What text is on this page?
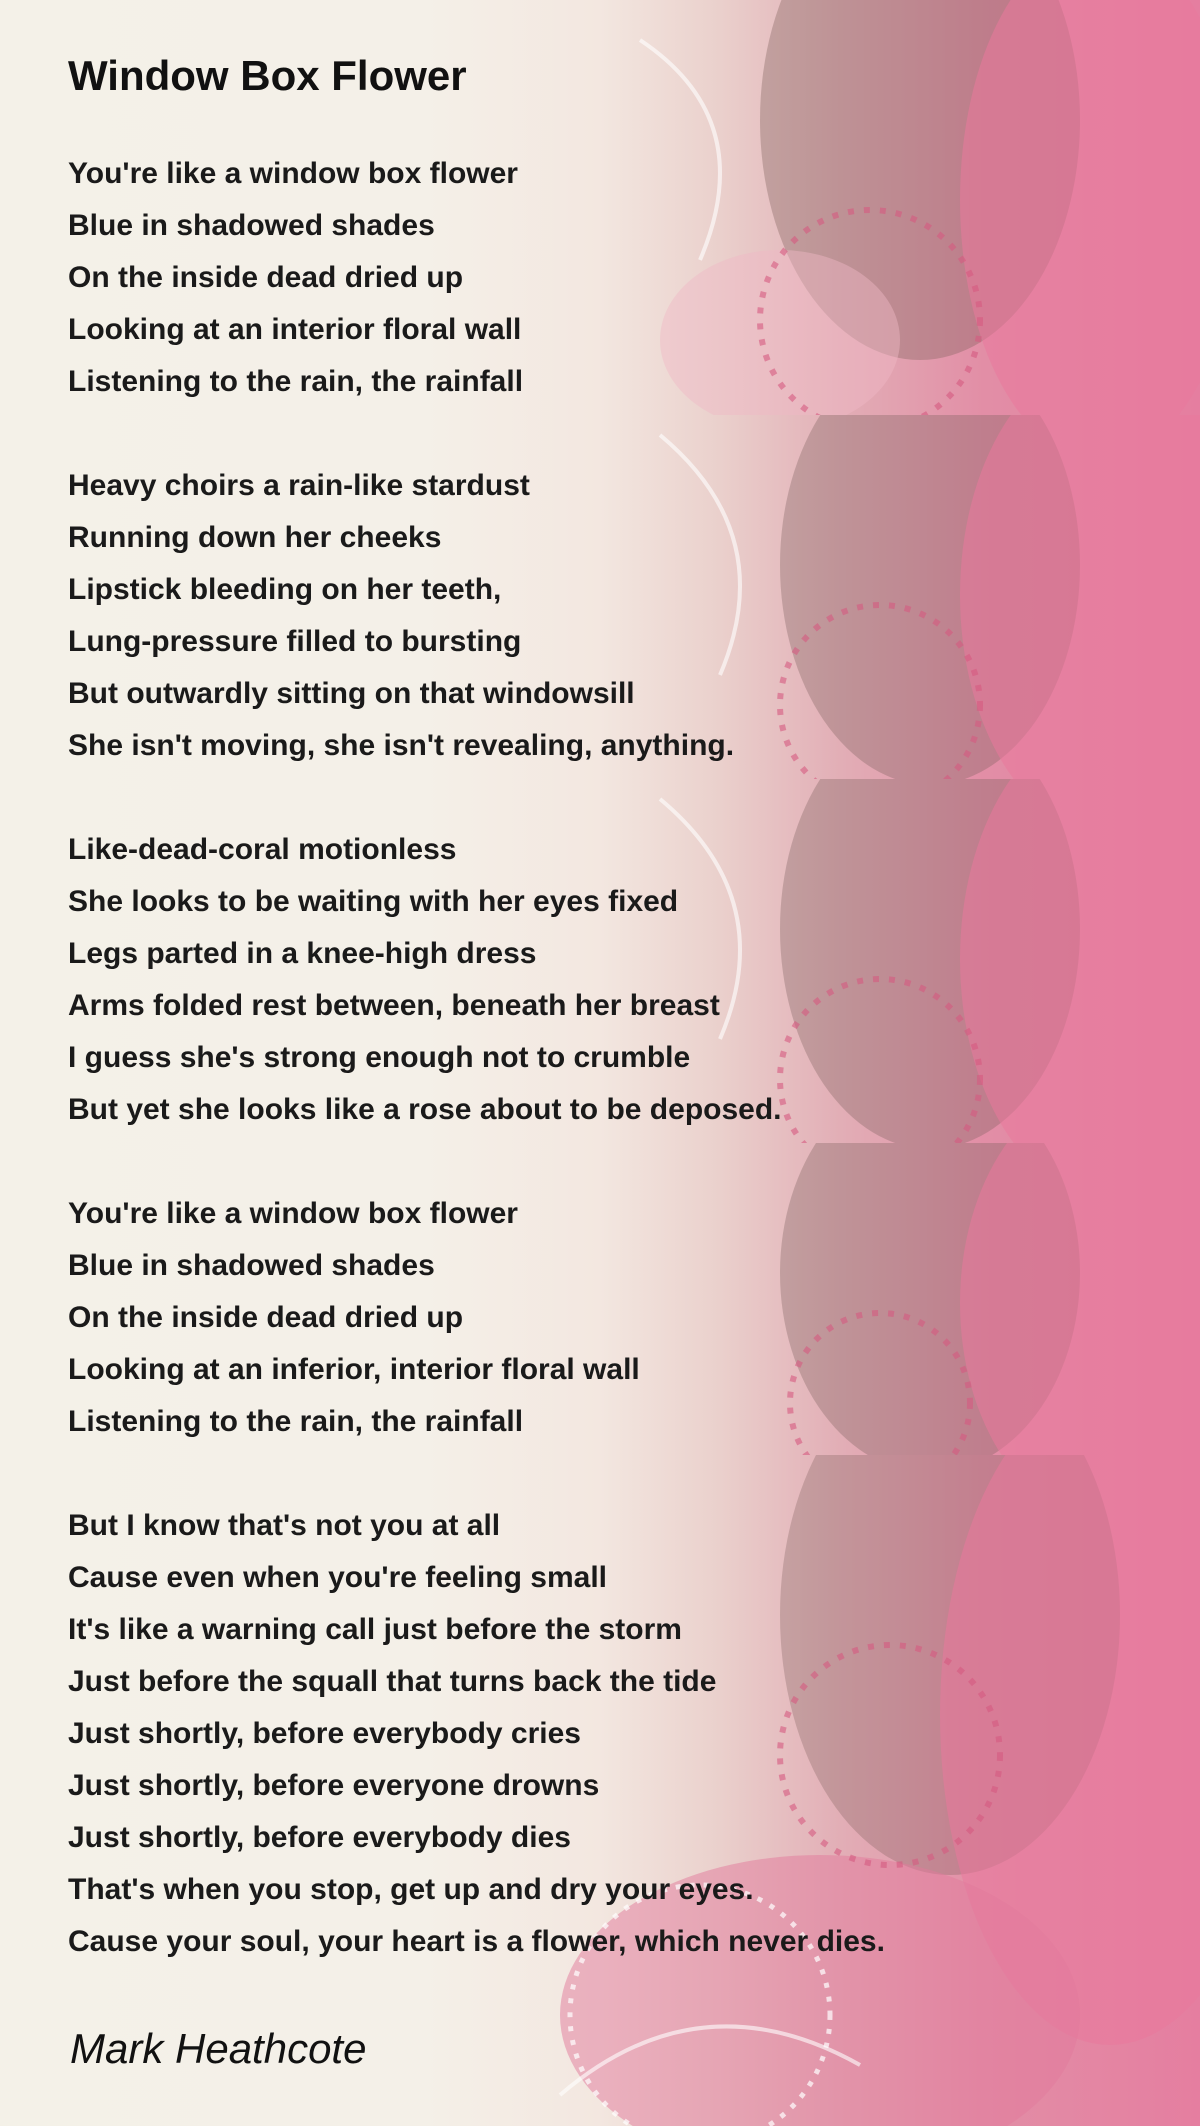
Window Box Flower
You're like a window box flower
Blue in shadowed shades
On the inside dead dried up
Looking at an interior floral wall
Listening to the rain, the rainfall
Heavy choirs a rain-like stardust
Running down her cheeks
Lipstick bleeding on her teeth,
Lung-pressure filled to bursting
But outwardly sitting on that windowsill
She isn't moving, she isn't revealing, anything.
Like-dead-coral motionless
She looks to be waiting with her eyes fixed
Legs parted in a knee-high dress
Arms folded rest between, beneath her breast
I guess she's strong enough not to crumble
But yet she looks like a rose about to be deposed.
You're like a window box flower
Blue in shadowed shades
On the inside dead dried up
Looking at an inferior, interior floral wall
Listening to the rain, the rainfall
But I know that's not you at all
Cause even when you're feeling small
It's like a warning call just before the storm
Just before the squall that turns back the tide
Just shortly, before everybody cries
Just shortly, before everyone drowns
Just shortly, before everybody dies
That's when you stop, get up and dry your eyes.
Cause your soul, your heart is a flower, which never dies.

Mark Heathcote
